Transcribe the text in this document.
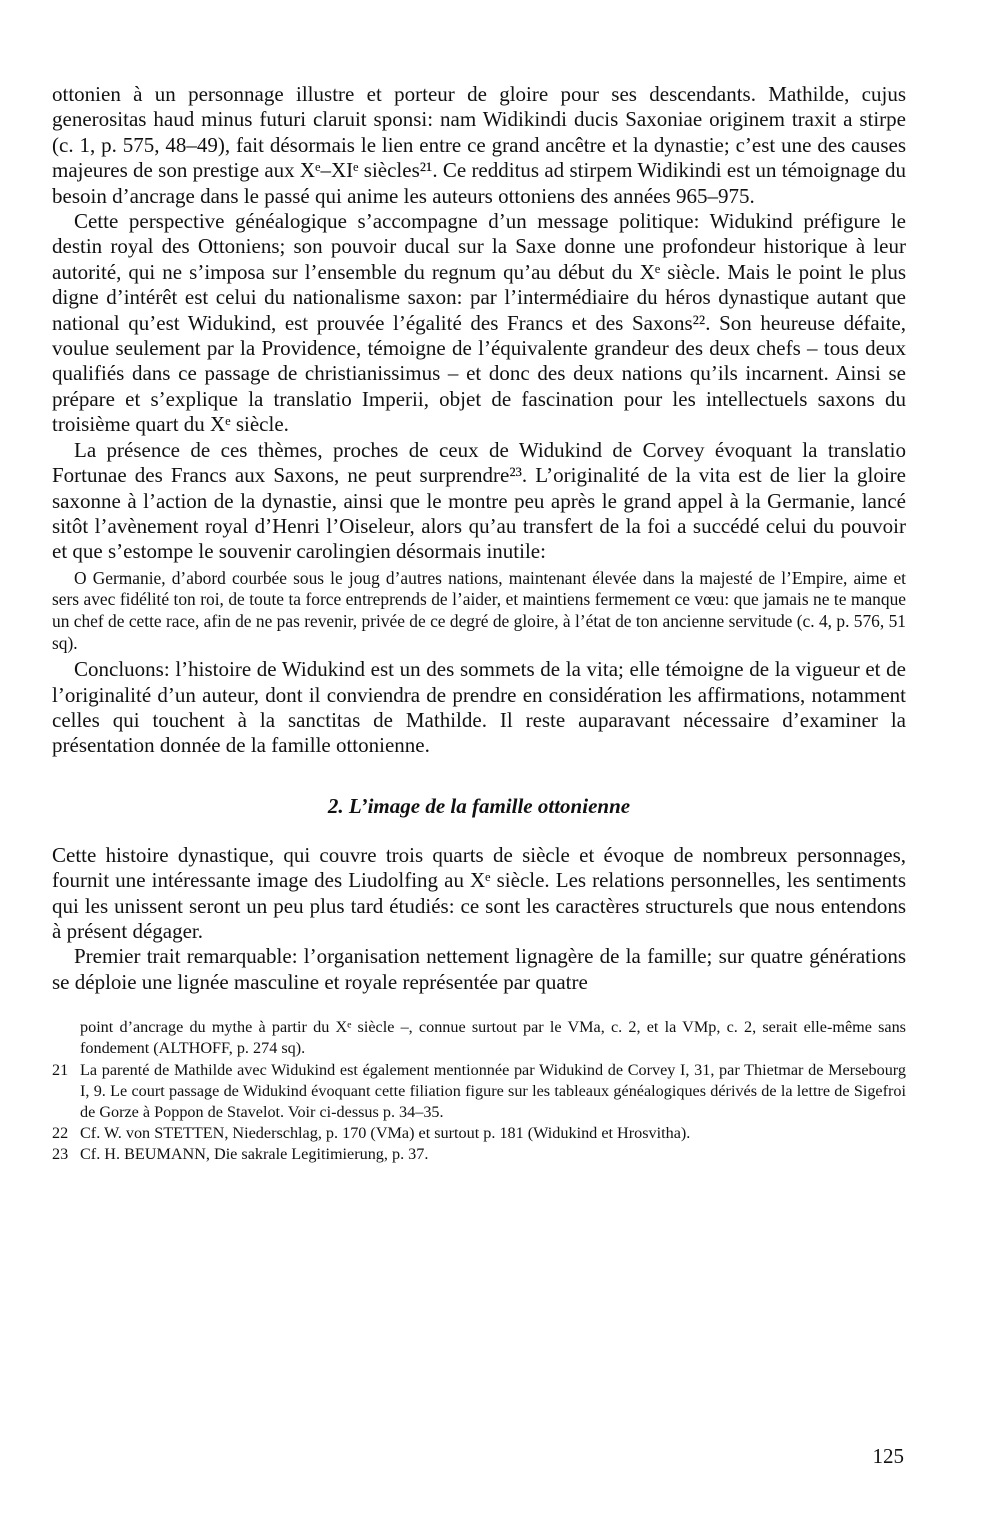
ottonien à un personnage illustre et porteur de gloire pour ses descendants. Mathilde, cujus generositas haud minus futuri claruit sponsi: nam Widikindi ducis Saxoniae originem traxit a stirpe (c. 1, p. 575, 48–49), fait désormais le lien entre ce grand ancêtre et la dynastie; c’est une des causes majeures de son prestige aux Xᵉ–XIᵉ siècles²¹. Ce redditus ad stirpem Widikindi est un témoignage du besoin d’ancrage dans le passé qui anime les auteurs ottoniens des années 965–975.

Cette perspective généalogique s’accompagne d’un message politique: Widukind préfigure le destin royal des Ottoniens; son pouvoir ducal sur la Saxe donne une profondeur historique à leur autorité, qui ne s’imposa sur l’ensemble du regnum qu’au début du Xᵉ siècle. Mais le point le plus digne d’intérêt est celui du nationalisme saxon: par l’intermédiaire du héros dynastique autant que national qu’est Widukind, est prouvée l’égalité des Francs et des Saxons²². Son heureuse défaite, voulue seulement par la Providence, témoigne de l’équivalente grandeur des deux chefs – tous deux qualifiés dans ce passage de christianissimus – et donc des deux nations qu’ils incarnent. Ainsi se prépare et s’explique la translatio Imperii, objet de fascination pour les intellectuels saxons du troisième quart du Xᵉ siècle.

La présence de ces thèmes, proches de ceux de Widukind de Corvey évoquant la translatio Fortunae des Francs aux Saxons, ne peut surprendre²³. L’originalité de la vita est de lier la gloire saxonne à l’action de la dynastie, ainsi que le montre peu après le grand appel à la Germanie, lancé sitôt l’avènement royal d’Henri l’Oiseleur, alors qu’au transfert de la foi a succédé celui du pouvoir et que s’estompe le souvenir carolingien désormais inutile:

O Germanie, d’abord courbée sous le joug d’autres nations, maintenant élevée dans la majesté de l’Empire, aime et sers avec fidélité ton roi, de toute ta force entreprends de l’aider, et maintiens fermement ce vœu: que jamais ne te manque un chef de cette race, afin de ne pas revenir, privée de ce degré de gloire, à l’état de ton ancienne servitude (c. 4, p. 576, 51 sq).

Concluons: l’histoire de Widukind est un des sommets de la vita; elle témoigne de la vigueur et de l’originalité d’un auteur, dont il conviendra de prendre en considération les affirmations, notamment celles qui touchent à la sanctitas de Mathilde. Il reste auparavant nécessaire d’examiner la présentation donnée de la famille ottonienne.

2. L’image de la famille ottonienne

Cette histoire dynastique, qui couvre trois quarts de siècle et évoque de nombreux personnages, fournit une intéressante image des Liudolfing au Xᵉ siècle. Les relations personnelles, les sentiments qui les unissent seront un peu plus tard étudiés: ce sont les caractères structurels que nous entendons à présent dégager.

Premier trait remarquable: l’organisation nettement lignagère de la famille; sur quatre générations se déploie une lignée masculine et royale représentée par quatre

point d’ancrage du mythe à partir du Xᵉ siècle –, connue surtout par le VMa, c. 2, et la VMp, c. 2, serait elle-même sans fondement (ALTHOFF, p. 274 sq).

21 La parenté de Mathilde avec Widukind est également mentionnée par Widukind de Corvey I, 31, par Thietmar de Mersebourg I, 9. Le court passage de Widukind évoquant cette filiation figure sur les tableaux généalogiques dérivés de la lettre de Sigefroi de Gorze à Poppon de Stavelot. Voir ci-dessus p. 34–35.
22 Cf. W. von STETTEN, Niederschlag, p. 170 (VMa) et surtout p. 181 (Widukind et Hrosvitha).
23 Cf. H. BEUMANN, Die sakrale Legitimierung, p. 37.
125
